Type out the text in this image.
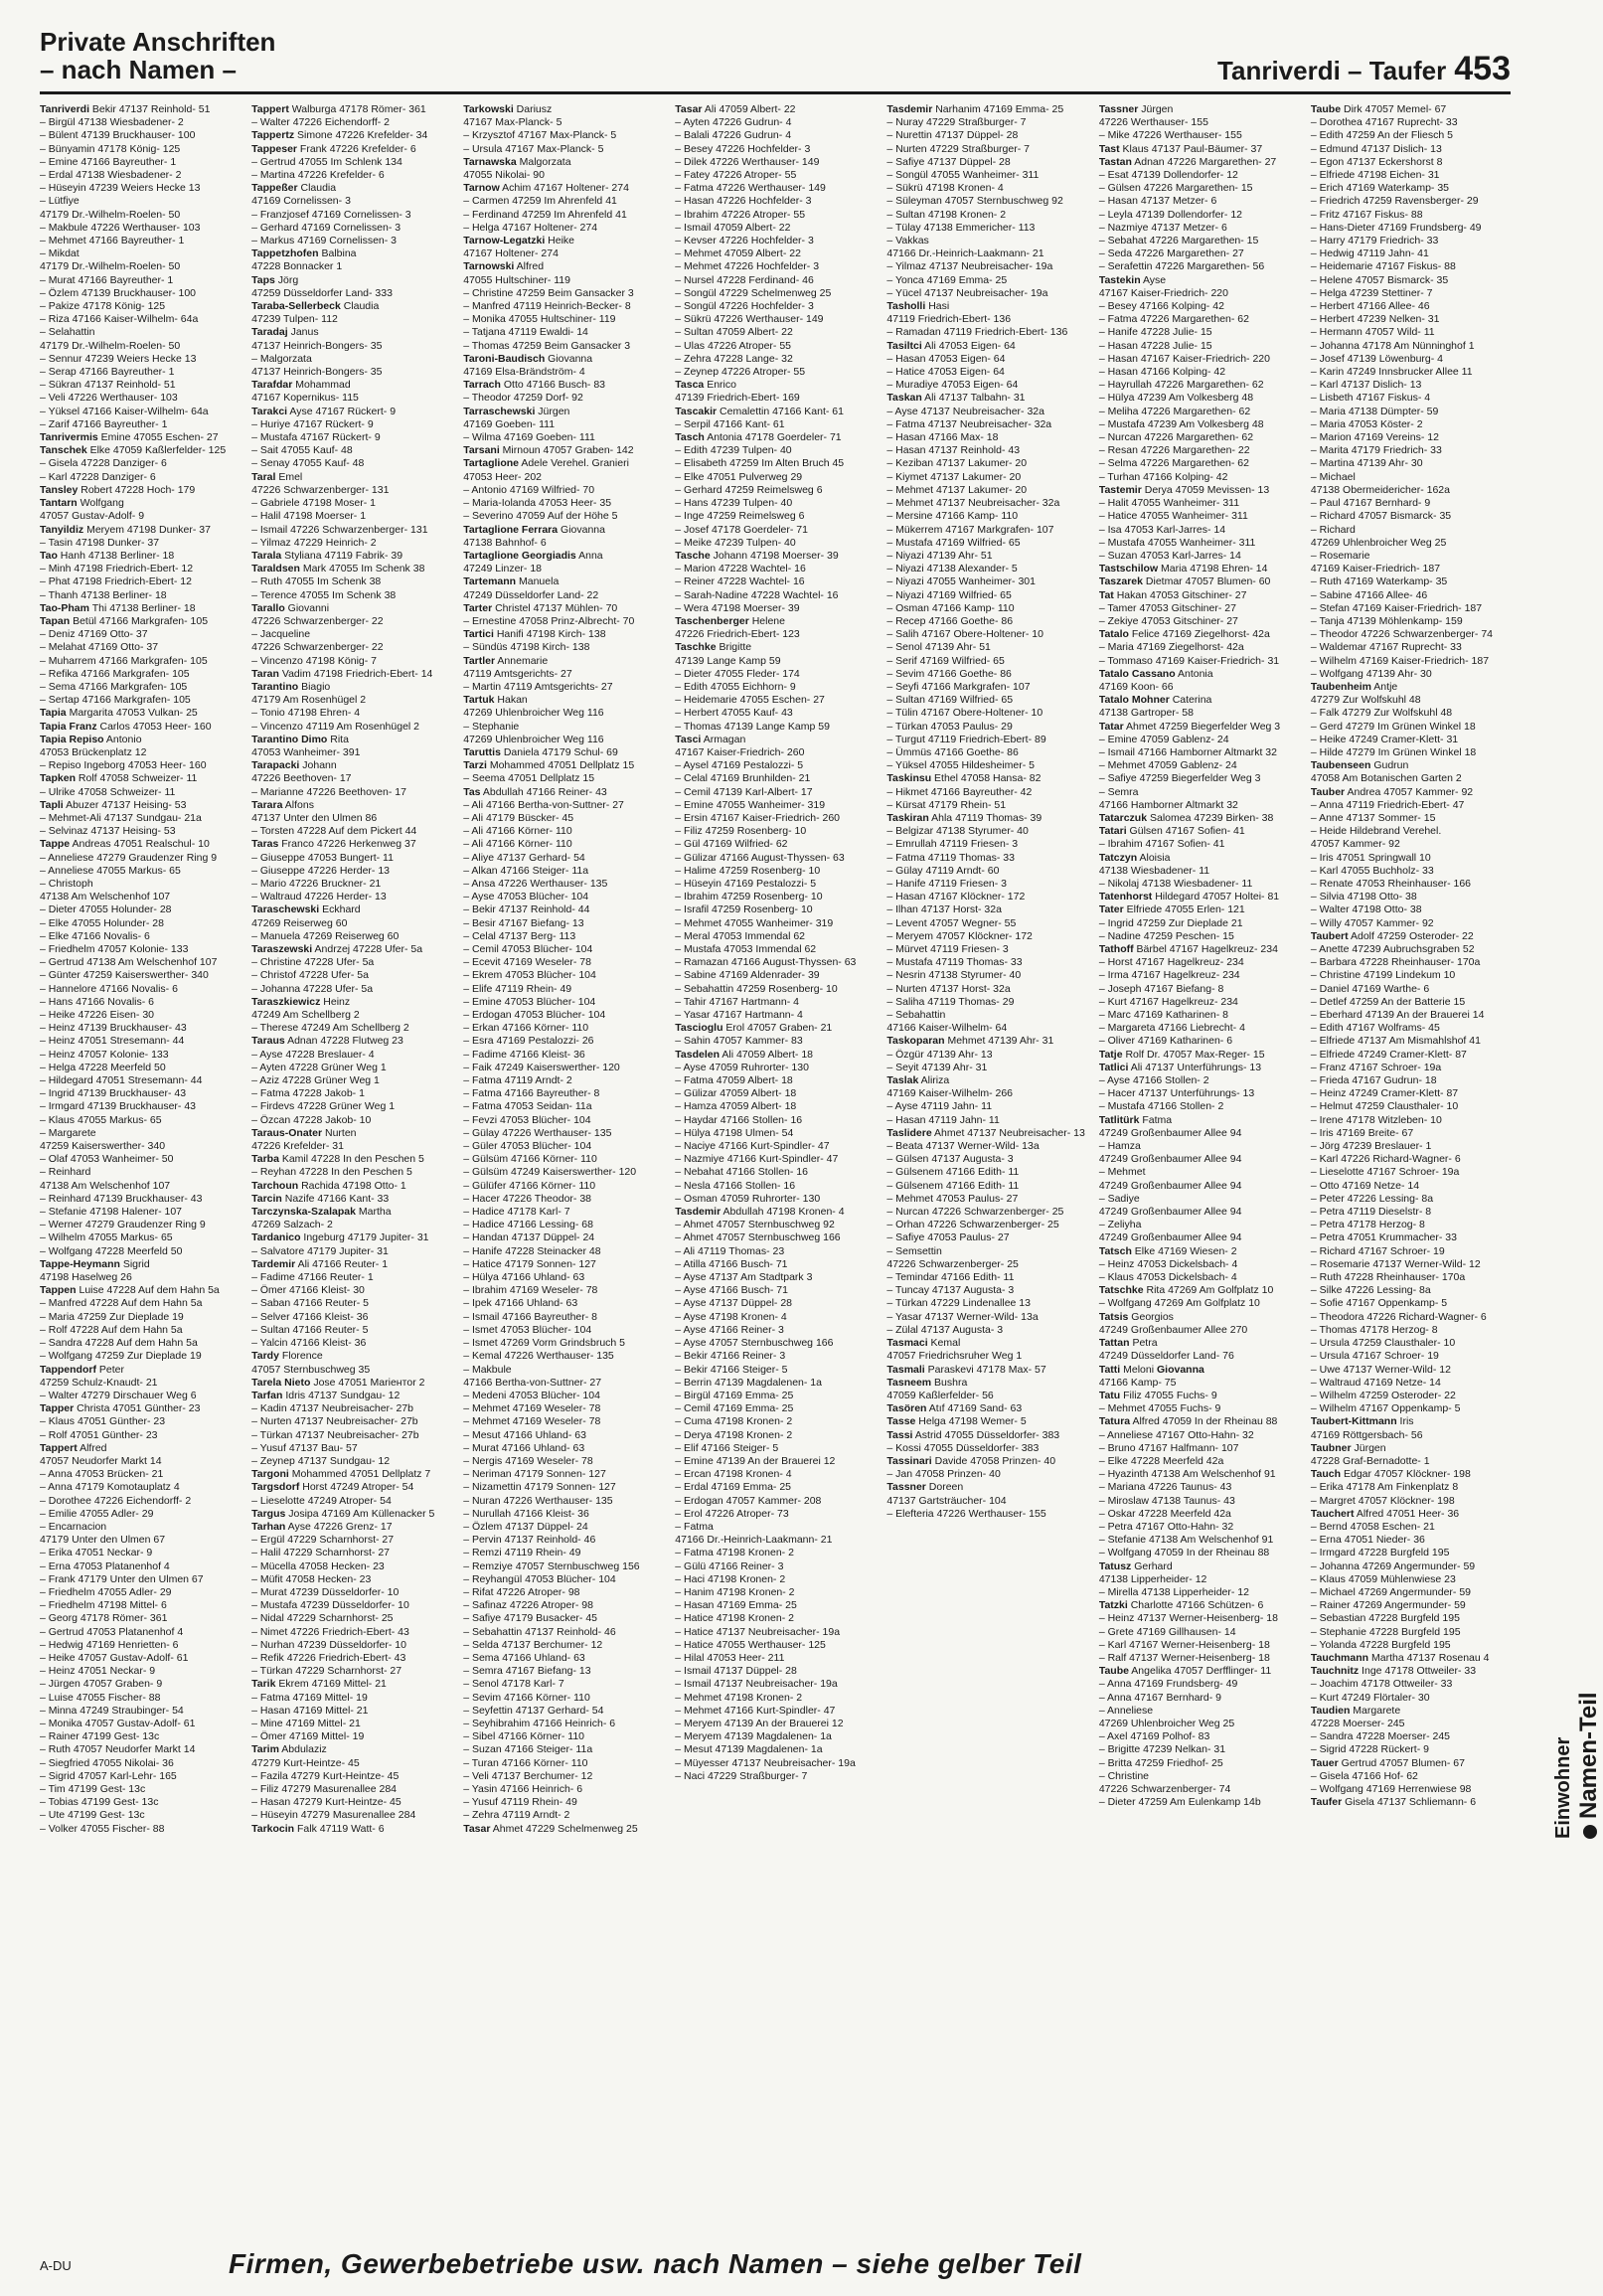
Private Anschriften
– nach Namen –	Tanriverdi – Taufer 453
Tanriverdi Bekir 47137 Reinhold- 51
– Birgül 47138 Wiesbadener- 2
– Bülent 47139 Bruckhauser- 100
– Bünyamin 47178 König- 125
– Emine 47166 Bayreuther- 1
– Erdal 47138 Wiesbadener- 2
– Hüseyin 47239 Weiers Hecke 13
– Lütfiye
47179 Dr.-Wilhelm-Roelen- 50
– Makbule 47226 Werthauser- 103
– Mehmet 47166 Bayreuther- 1
– Mikdat
47179 Dr.-Wilhelm-Roelen- 50
– Murat 47166 Bayreuther- 1
– Özlem 47139 Bruckhauser- 100
– Pakize 47178 König- 125
– Riza 47166 Kaiser-Wilhelm- 64a
– Selahattin
47179 Dr.-Wilhelm-Roelen- 50
– Sennur 47239 Weiers Hecke 13
– Serap 47166 Bayreuther- 1
– Sükran 47137 Reinhold- 51
– Veli 47226 Werthauser- 103
– Yüksel 47166 Kaiser-Wilhelm- 64a
– Zarif 47166 Bayreuther- 1
Tanrivermis Emine 47055 Eschen- 27
Tanschek Elke 47059 Kaßlerfelder- 125
– Gisela 47228 Danziger- 6
– Karl 47228 Danziger- 6
Tansley Robert 47228 Hoch- 179
Tantarn Wolfgang
47057 Gustav-Adolf- 9
Tanyildiz Meryem 47198 Dunker- 37
– Tasin 47198 Dunker- 37
Tao Hanh 47138 Berliner- 18
– Minh 47198 Friedrich-Ebert- 12
– Phat 47198 Friedrich-Ebert- 12
– Thanh 47138 Berliner- 18
Tao-Pham Thi 47138 Berliner- 18
Tapan Betül 47166 Markgrafen- 105
– Deniz 47169 Otto- 37
– Melahat 47169 Otto- 37
– Muharrem 47166 Markgrafen- 105
– Refika 47166 Markgrafen- 105
– Sema 47166 Markgrafen- 105
– Sertap 47166 Markgrafen- 105
Tapia Margarita 47053 Vulkan- 25
Tapia Franz Carlos 47053 Heer- 160
Tapia Repiso Antonio
47053 Brückenplatz 12
– Repiso Ingeborg 47053 Heer- 160
Tapken Rolf 47058 Schweizer- 11
– Ulrike 47058 Schweizer- 11
Tapli Abuzer 47137 Heising- 53
– Mehmet-Ali 47137 Sundgau- 21a
– Selvinaz 47137 Heising- 53
Tappe Andreas 47051 Realschul- 10
– Anneliese 47279 Graudenzer Ring 9
– Anneliese 47055 Markus- 65
– Christoph
47138 Am Welschenhof 107
– Dieter 47055 Holunder- 28
– Elke 47055 Holunder- 28
– Elke 47166 Novalis- 6
– Friedhelm 47057 Kolonie- 133
– Gertrud 47138 Am Welschenhof 107
– Günter 47259 Kaiserswerther- 340
– Hannelore 47166 Novalis- 6
– Hans 47166 Novalis- 6
– Heike 47226 Eisen- 30
– Heinz 47139 Bruckhauser- 43
– Heinz 47051 Stresemann- 44
– Heinz 47057 Kolonie- 133
– Helga 47228 Meerfeld 50
– Hildegard 47051 Stresemann- 44
– Ingrid 47139 Bruckhauser- 43
– Irmgard 47139 Bruckhauser- 43
– Klaus 47055 Markus- 65
– Margarete
47259 Kaiserswerther- 340
– Olaf 47053 Wanheimer- 50
– Reinhard
47138 Am Welschenhof 107
– Reinhard 47139 Bruckhauser- 43
– Stefanie 47198 Halener- 107
– Werner 47279 Graudenzer Ring 9
– Wilhelm 47055 Markus- 65
– Wolfgang 47228 Meerfeld 50
Tappe-Heymann Sigrid
47198 Haselweg 26
Tappen Luise 47228 Auf dem Hahn 5a
– Manfred 47228 Auf dem Hahn 5a
– Maria 47259 Zur Dieplade 19
– Rolf 47228 Auf dem Hahn 5a
– Sandra 47228 Auf dem Hahn 5a
– Wolfgang 47259 Zur Dieplade 19
Tappendorf Peter
47259 Schulz-Knaudt- 21
– Walter 47279 Dirschauer Weg 6
Tapper Christa 47051 Günther- 23
– Klaus 47051 Günther- 23
– Rolf 47051 Günther- 23
Tappert Alfred
47057 Neudorfer Markt 14
– Anna 47053 Brücken- 21
– Anna 47179 Komotauplatz 4
– Dorothee 47226 Eichendorff- 2
– Emilie 47055 Adler- 29
– Encarnacion
47179 Unter den Ulmen 67
– Erika 47051 Neckar- 9
– Erna 47053 Platanenhof 4
– Frank 47179 Unter den Ulmen 67
– Friedhelm 47055 Adler- 29
– Friedhelm 47198 Mittel- 6
– Georg 47178 Römer- 361
– Gertrud 47053 Platanenhof 4
– Hedwig 47169 Henrietten- 6
– Heike 47057 Gustav-Adolf- 61
– Heinz 47051 Neckar- 9
– Jürgen 47057 Graben- 9
– Luise 47055 Fischer- 88
– Minna 47249 Straubinger- 54
– Monika 47057 Gustav-Adolf- 61
– Rainer 47199 Gest- 13c
– Ruth 47057 Neudorfer Markt 14
– Siegfried 47055 Nikolai- 36
– Sigrid 47057 Karl-Lehr- 165
– Tim 47199 Gest- 13c
– Tobias 47199 Gest- 13c
– Ute 47199 Gest- 13c
– Volker 47055 Fischer- 88
Tappert Walburga 47178 Römer- 361
– Walter 47226 Eichendorff- 2
Tappertz Simone 47226 Krefelder- 34
Tappeser Frank 47226 Krefelder- 6
– Gertrud 47055 Im Schlenk 134
– Martina 47226 Krefelder- 6
Tappeßer Claudia
47169 Cornelissen- 3
– Franzjosef 47169 Cornelissen- 3
– Gerhard 47169 Cornelissen- 3
– Markus 47169 Cornelissen- 3
Tappetzhofen Balbina
47228 Bonnacker 1
Taps Jörg
47259 Düsseldorfer Land- 333
Taraba-Sellerbeck Claudia
47239 Tulpen- 112
Taradaj Janus
47137 Heinrich-Bongers- 35
– Malgorzata
47137 Heinrich-Bongers- 35
Tarafdar Mohammad
47167 Kopernikus- 115
Tarakci Ayse 47167 Rückert- 9
– Huriye 47167 Rückert- 9
– Mustafa 47167 Rückert- 9
– Sait 47055 Kauf- 48
– Senay 47055 Kauf- 48
Taral Emel
47226 Schwarzenberger- 131
– Gabriele 47198 Moser- 1
– Halil 47198 Moerser- 1
– Ismail 47226 Schwarzenberger- 131
– Yilmaz 47229 Heinrich- 2
Tarala Styliana 47119 Fabrik- 39
Taraldsen Mark 47055 Im Schenk 38
– Ruth 47055 Im Schenk 38
– Terence 47055 Im Schenk 38
Tarallo Giovanni
47226 Schwarzenberger- 22
– Jacqueline
47226 Schwarzenberger- 22
– Vincenzo 47198 König- 7
Taran Vadim 47198 Friedrich-Ebert- 14
Tarantino Biagio
47179 Am Rosenhügel 2
– Tonio 47198 Ehren- 4
– Vincenzo 47119 Am Rosenhügel 2
Tarantino Dimo Rita
47053 Wanheimer- 391
Tarapacki Johann
47226 Beethoven- 17
– Marianne 47226 Beethoven- 17
Tarara Alfons
47137 Unter den Ulmen 86
– Torsten 47228 Auf dem Pickert 44
Taras Franco 47226 Herkenweg 37
– Giuseppe 47053 Bungert- 11
– Giuseppe 47226 Herder- 13
– Mario 47226 Bruckner- 21
– Waltraud 47226 Herder- 13
Taraschewski Eckhard
47269 Reiserweg 60
– Manuela 47269 Reiserweg 60
Taraszewski Andrzej 47228 Ufer- 5a
– Christine 47228 Ufer- 5a
– Christof 47228 Ufer- 5a
– Johanna 47228 Ufer- 5a
Taraszkiewicz Heinz
47249 Am Schellberg 2
– Therese 47249 Am Schellberg 2
Taraus Adnan 47228 Flutweg 23
– Ayse 47228 Breslauer- 4
– Ayten 47228 Grüner Weg 1
– Aziz 47228 Grüner Weg 1
– Fatma 47228 Jakob- 1
– Firdevs 47228 Grüner Weg 1
– Özcan 47228 Jakob- 10
Taraus-Onater Nurten
47226 Krefelder- 31
Tarba Kamil 47228 In den Peschen 5
– Reyhan 47228 In den Peschen 5
Tarchoun Rachida 47198 Otto- 1
Tarcin Nazife 47166 Kant- 33
Tarczynska-Szalapak Martha
47269 Salzach- 2
Tardanico Ingeburg 47179 Jupiter- 31
– Salvatore 47179 Jupiter- 31
Tardemir Ali 47166 Reuter- 1
– Fadime 47166 Reuter- 1
– Ömer 47166 Kleist- 30
– Saban 47166 Reuter- 5
– Selver 47166 Kleist- 36
– Sultan 47166 Reuter- 5
– Yalcin 47166 Kleist- 36
Tardy Florence
47057 Sternbuschweg 35
Tarela Nieto Jose 47051 Mariентor 2
Tarfan Idris 47137 Sundgau- 12
– Kadin 47137 Neubreisacher- 27b
– Nurten 47137 Neubreisacher- 27b
– Türkan 47137 Neubreisacher- 27b
– Yusuf 47137 Bau- 57
– Zeynep 47137 Sundgau- 12
Targoni Mohammed 47051 Dellplatz 7
Targsdorf Horst 47249 Atroper- 54
– Lieselotte 47249 Atroper- 54
Targus Josipa 47169 Am Küllenacker 5
Tarhan Ayse 47226 Grenz- 17
– Ergül 47229 Scharnhorst- 27
– Halil 47229 Scharnhorst- 27
– Mücella 47058 Hecken- 23
– Müfit 47058 Hecken- 23
– Murat 47239 Düsseldorfer- 10
– Mustafa 47239 Düsseldorfer- 10
– Nidal 47229 Scharnhorst- 25
– Nimet 47226 Friedrich-Ebert- 43
– Nurhan 47239 Düsseldorfer- 10
– Refik 47226 Friedrich-Ebert- 43
– Türkan 47229 Scharnhorst- 27
Tarik Ekrem 47169 Mittel- 21
– Fatma 47169 Mittel- 19
– Hasan 47169 Mittel- 21
– Mine 47169 Mittel- 21
– Ömer 47169 Mittel- 19
Tarim Abdulaziz
47279 Kurt-Heintze- 45
– Fazila 47279 Kurt-Heintze- 45
– Filiz 47279 Masurenallee 284
– Hasan 47279 Kurt-Heintze- 45
– Hüseyin 47279 Masurenallee 284
Tarkocin Falk 47119 Watt- 6
Tarkowski Dariusz
47167 Max-Planck- 5
– Krzysztof 47167 Max-Planck- 5
– Ursula 47167 Max-Planck- 5
Tarnawska Malgorzata
47055 Nikolai- 90
Tarnow Achim 47167 Holtener- 274
– Carmen 47259 Im Ahrenfeld 41
– Ferdinand 47259 Im Ahrenfeld 41
– Helga 47167 Holtener- 274
Tarnow-Legatzki Heike
47167 Holtener- 274
Tarnowski Alfred
47055 Hultschiner- 119
– Christine 47259 Beim Gansacker 3
– Manfred 47119 Heinrich-Becker- 8
– Monika 47055 Hultschiner- 119
– Tatjana 47119 Ewaldi- 14
– Thomas 47259 Beim Gansacker 3
Taroni-Baudisch Giovanna
47169 Elsa-Brändström- 4
Tarrach Otto 47166 Busch- 83
– Theodor 47259 Dorf- 92
Tarraschewski Jürgen
47169 Goeben- 111
– Wilma 47169 Goeben- 111
Tarsani Mirnoun 47057 Graben- 142
Tartaglione Adele Verehel. Granieri
47053 Heer- 202
– Antonio 47169 Wilfried- 70
– Maria-Iolanda 47053 Heer- 35
– Severino 47059 Auf der Höhe 5
Tartaglione Ferrara Giovanna
47138 Bahnhof- 6
Tartaglione Georgiadis Anna
47249 Linzer- 18
Tartemann Manuela
47249 Düsseldorfer Land- 22
Tarter Christel 47137 Mühlen- 70
– Ernestine 47058 Prinz-Albrecht- 70
Tartici Hanifi 47198 Kirch- 138
– Sündüs 47198 Kirch- 138
Tartler Annemarie
47119 Amtsgerichts- 27
– Martin 47119 Amtsgerichts- 27
Tartuk Hakan
47269 Uhlenbroicher Weg 116
– Stephanie
47269 Uhlenbroicher Weg 116
Taruttis Daniela 47179 Schul- 69
Tarzi Mohammed 47051 Dellplatz 15
– Seema 47051 Dellplatz 15
Tas Abdullah 47166 Reiner- 43
– Ali 47166 Bertha-von-Suttner- 27
– Ali 47179 Büscker- 45
– Ali 47166 Körner- 110
– Ali 47166 Körner- 110
– Aliye 47137 Gerhard- 54
– Alkan 47166 Steiger- 11a
– Ansa 47226 Werthauser- 135
– Ayse 47053 Blücher- 104
– Bekir 47137 Reinhold- 44
– Besir 47167 Biefang- 13
– Celal 47137 Berg- 113
– Cemil 47053 Blücher- 104
– Ecevit 47169 Weseler- 78
– Ekrem 47053 Blücher- 104
– Elife 47119 Rhein- 49
– Emine 47053 Blücher- 104
– Erdogan 47053 Blücher- 104
– Erkan 47166 Körner- 110
– Esra 47169 Pestalozzi- 26
– Fadime 47166 Kleist- 36
– Faik 47249 Kaiserswerther- 120
– Fatma 47119 Arndt- 2
– Fatma 47166 Bayreuther- 8
– Fatma 47053 Seidan- 11a
– Fevzi 47053 Blücher- 104
– Gülay 47226 Werthauser- 135
– Güler 47053 Blücher- 104
– Gülsüm 47166 Körner- 110
– Gülsüm 47249 Kaiserswerther- 120
– Gülüfer 47166 Körner- 110
– Hacer 47226 Theodor- 38
– Hadice 47178 Karl- 7
– Hadice 47166 Lessing- 68
– Handan 47137 Düppel- 24
– Hanife 47228 Steinacker 48
– Hatice 47179 Sonnen- 127
– Hülya 47166 Uhland- 63
– Ibrahim 47169 Weseler- 78
– Ipek 47166 Uhland- 63
– Ismail 47166 Bayreuther- 8
– Ismet 47053 Blücher- 104
– Ismet 47269 Vorm Grindsbruch 5
– Kemal 47226 Werthauser- 135
– Makbule
47166 Bertha-von-Suttner- 27
– Medeni 47053 Blücher- 104
– Mehmet 47169 Weseler- 78
– Mehmet 47169 Weseler- 78
– Mesut 47166 Uhland- 63
– Murat 47166 Uhland- 63
– Nergis 47169 Weseler- 78
– Neriman 47179 Sonnen- 127
– Nizamettin 47179 Sonnen- 127
– Nuran 47226 Werthauser- 135
– Nurullah 47166 Kleist- 36
– Özlem 47137 Düppel- 24
– Pervin 47137 Reinhold- 46
– Remzi 47119 Rhein- 49
– Remziye 47057 Sternbuschweg 156
– Reyhangül 47053 Blücher- 104
– Rifat 47226 Atroper- 98
– Safinaz 47226 Atroper- 98
– Safiye 47179 Busacker- 45
– Sebahattin 47137 Reinhold- 46
– Selda 47137 Berchumer- 12
– Sema 47166 Uhland- 63
– Semra 47167 Biefang- 13
– Senol 47178 Karl- 7
– Sevim 47166 Körner- 110
– Seyfettin 47137 Gerhard- 54
– Seyhibrahim 47166 Heinrich- 6
– Sibel 47166 Körner- 110
– Suzan 47166 Steiger- 11a
– Turan 47166 Körner- 110
– Veli 47137 Berchumer- 12
– Yasin 47166 Heinrich- 6
– Yusuf 47119 Rhein- 49
– Zehra 47119 Arndt- 2
Tasar Ahmet 47229 Schelmenweg 25
Tasar Ali 47059 Albert- 22
– Ayten 47226 Gudrun- 4
– Balali 47226 Gudrun- 4
– Besey 47226 Hochfelder- 3
– Dilek 47226 Werthauser- 149
– Fatey 47226 Atroper- 55
– Fatma 47226 Werthauser- 149
– Hasan 47226 Hochfelder- 3
– Ibrahim 47226 Atroper- 55
– Ismail 47059 Albert- 22
– Kevser 47226 Hochfelder- 3
– Mehmet 47059 Albert- 22
– Mehmet 47226 Hochfelder- 3
– Nursel 47228 Ferdinand- 46
– Songül 47229 Schelmenweg 25
– Songül 47226 Hochfelder- 3
– Sükrü 47226 Werthauser- 149
– Sultan 47059 Albert- 22
– Ulas 47226 Atroper- 55
– Zehra 47228 Lange- 32
– Zeynep 47226 Atroper- 55
Tasca Enrico
47139 Friedrich-Ebert- 169
Tascakir Cemalettin 47166 Kant- 61
– Serpil 47166 Kant- 61
Tasch Antonia 47178 Goerdeler- 71
– Edith 47239 Tulpen- 40
– Elisabeth 47259 Im Alten Bruch 45
– Elke 47051 Pulverweg 29
– Gerhard 47259 Reimelsweg 6
– Hans 47239 Tulpen- 40
– Inge 47259 Reimelsweg 6
– Josef 47178 Goerdeler- 71
– Meike 47239 Tulpen- 40
Tasche Johann 47198 Moerser- 39
– Marion 47228 Wachtel- 16
– Reiner 47228 Wachtel- 16
– Sarah-Nadine 47228 Wachtel- 16
– Wera 47198 Moerser- 39
Taschenberger Helene
47226 Friedrich-Ebert- 123
Taschke Brigitte
47139 Lange Kamp 59
– Dieter 47055 Fleder- 174
– Edith 47055 Eichhorn- 9
– Heidemarie 47055 Eschen- 27
– Herbert 47055 Kauf- 43
– Thomas 47139 Lange Kamp 59
Tasci Armagan
47167 Kaiser-Friedrich- 260
– Aysel 47169 Pestalozzi- 5
– Celal 47169 Brunhilden- 21
– Cemil 47139 Karl-Albert- 17
– Emine 47055 Wanheimer- 319
– Ersin 47167 Kaiser-Friedrich- 260
– Filiz 47259 Rosenberg- 10
– Gül 47169 Wilfried- 62
– Gülizar 47166 August-Thyssen- 63
– Halime 47259 Rosenberg- 10
– Hüseyin 47169 Pestalozzi- 5
– Ibrahim 47259 Rosenberg- 10
– Israfil 47259 Rosenberg- 10
– Mehmet 47055 Wanheimer- 319
– Meral 47053 Immendal 62
– Mustafa 47053 Immendal 62
– Ramazan 47166 August-Thyssen- 63
– Sabine 47169 Aldenrader- 39
– Sebahattin 47259 Rosenberg- 10
– Tahir 47167 Hartmann- 4
– Yasar 47167 Hartmann- 4
Tascioglu Erol 47057 Graben- 21
– Sahin 47057 Kammer- 83
Tasdelen Ali 47059 Albert- 18
– Ayse 47059 Ruhrorter- 130
– Fatma 47059 Albert- 18
– Gülizar 47059 Albert- 18
– Hamza 47059 Albert- 18
– Haydar 47166 Stollen- 16
– Hülya 47198 Ulmen- 54
– Naciye 47166 Kurt-Spindler- 47
– Nazmiye 47166 Kurt-Spindler- 47
– Nebahat 47166 Stollen- 16
– Nesla 47166 Stollen- 16
– Osman 47059 Ruhrorter- 130
Tasdemir Abdullah 47198 Kronen- 4
– Ahmet 47057 Sternbuschweg 92
– Ahmet 47057 Sternbuschweg 166
– Ali 47119 Thomas- 23
– Atilla 47166 Busch- 71
– Ayse 47137 Am Stadtpark 3
– Ayse 47166 Busch- 71
– Ayse 47137 Düppel- 28
– Ayse 47198 Kronen- 4
– Ayse 47166 Reiner- 3
– Ayse 47057 Sternbuschweg 166
– Bekir 47166 Reiner- 3
– Bekir 47166 Steiger- 5
– Berrin 47139 Magdalenen- 1a
– Birgül 47169 Emma- 25
– Cemil 47169 Emma- 25
– Cuma 47198 Kronen- 2
– Derya 47198 Kronen- 2
– Elif 47166 Steiger- 5
– Emine 47139 An der Brauerei 12
– Ercan 47198 Kronen- 4
– Erdal 47169 Emma- 25
– Erdogan 47057 Kammer- 208
– Erol 47226 Atroper- 73
– Fatma
47166 Dr.-Heinrich-Laakmann- 21
– Fatma 47198 Kronen- 2
– Gülü 47166 Reiner- 3
– Haci 47198 Kronen- 2
– Hanim 47198 Kronen- 2
– Hasan 47169 Emma- 25
– Hatice 47198 Kronen- 2
– Hatice 47137 Neubreisacher- 19a
– Hatice 47055 Werthauser- 125
– Hilal 47053 Heer- 211
– Ismail 47137 Düppel- 28
– Ismail 47137 Neubreisacher- 19a
– Mehmet 47198 Kronen- 2
– Mehmet 47166 Kurt-Spindler- 47
– Meryem 47139 An der Brauerei 12
– Meryem 47139 Magdalenen- 1a
– Mesut 47139 Magdalenen- 1a
– Müyesser 47137 Neubreisacher- 19a
– Naci 47229 Straßburger- 7
Tasdemir Narhanim 47169 Emma- 25
– Nuray 47229 Straßburger- 7
– Nurettin 47137 Düppel- 28
– Nurten 47229 Straßburger- 7
– Safiye 47137 Düppel- 28
– Songül 47055 Wanheimer- 311
– Sükrü 47198 Kronen- 4
– Süleyman 47057 Sternbuschweg 92
– Sultan 47198 Kronen- 2
– Tülay 47138 Emmericher- 113
– Vakkas
47166 Dr.-Heinrich-Laakmann- 21
– Yilmaz 47137 Neubreisacher- 19a
– Yonca 47169 Emma- 25
– Yücel 47137 Neubreisacher- 19a
Tasholli Hasi
47119 Friedrich-Ebert- 136
– Ramadan 47119 Friedrich-Ebert- 136
Tasiltci Ali 47053 Eigen- 64
– Hasan 47053 Eigen- 64
– Hatice 47053 Eigen- 64
– Muradiye 47053 Eigen- 64
Taskan Ali 47137 Talbahn- 31
– Ayse 47137 Neubreisacher- 32a
– Fatma 47137 Neubreisacher- 32a
– Hasan 47166 Max- 18
– Hasan 47137 Reinhold- 43
– Keziban 47137 Lakumer- 20
– Kiymet 47137 Lakumer- 20
– Mehmet 47137 Lakumer- 20
– Mehmet 47137 Neubreisacher- 32a
– Mersine 47166 Kamp- 110
– Mükerrem 47167 Markgrafen- 107
– Mustafa 47169 Wilfried- 65
– Niyazi 47139 Ahr- 51
– Niyazi 47138 Alexander- 5
– Niyazi 47055 Wanheimer- 301
– Niyazi 47169 Wilfried- 65
– Osman 47166 Kamp- 110
– Recep 47166 Goethe- 86
– Salih 47167 Obere-Holtener- 10
– Senol 47139 Ahr- 51
– Serif 47169 Wilfried- 65
– Sevim 47166 Goethe- 86
– Seyfi 47166 Markgrafen- 107
– Sultan 47169 Wilfried- 65
– Tülin 47167 Obere-Holtener- 10
– Türkan 47053 Paulus- 29
– Turgut 47119 Friedrich-Ebert- 89
– Ümmüs 47166 Goethe- 86
– Yüksel 47055 Hildesheimer- 5
Taskinsu Ethel 47058 Hansa- 82
– Hikmet 47166 Bayreuther- 42
– Kürsat 47179 Rhein- 51
Taskiran Ahla 47119 Thomas- 39
– Belgizar 47138 Styrumer- 40
– Emrullah 47119 Friesen- 3
– Fatma 47119 Thomas- 33
– Gülay 47119 Arndt- 60
– Hanife 47119 Friesen- 3
– Hasan 47167 Klöckner- 172
– Ilhan 47137 Horst- 32a
– Levent 47057 Wegner- 55
– Meryem 47057 Klöckner- 172
– Mürvet 47119 Friesen- 3
– Mustafa 47119 Thomas- 33
– Nesrin 47138 Styrumer- 40
– Nurten 47137 Horst- 32a
– Saliha 47119 Thomas- 29
– Sebahattin
47166 Kaiser-Wilhelm- 64
Taskoparan Mehmet 47139 Ahr- 31
– Özgür 47139 Ahr- 13
– Seyit 47139 Ahr- 31
Taslak Aliriza
47169 Kaiser-Wilhelm- 266
– Ayse 47119 Jahn- 11
– Hasan 47119 Jahn- 11
Taslidere Ahmet 47137 Neubreisacher- 13
– Beata 47137 Werner-Wild- 13a
– Gülsen 47137 Augusta- 3
– Gülsenem 47166 Edith- 11
– Gülsenem 47166 Edith- 11
– Mehmet 47053 Paulus- 27
– Nurcan 47226 Schwarzenberger- 25
– Orhan 47226 Schwarzenberger- 25
– Safiye 47053 Paulus- 27
– Semsettin
47226 Schwarzenberger- 25
– Temindar 47166 Edith- 11
– Tuncay 47137 Augusta- 3
– Türkan 47229 Lindenallee 13
– Yasar 47137 Werner-Wild- 13a
– Zülal 47137 Augusta- 3
Tasmaci Kemal
47057 Friedrichsruher Weg 1
Tasmali Paraskevi 47178 Max- 57
Tasneem Bushra
47059 Kaßlerfelder- 56
Tasören Atıf 47169 Sand- 63
Tasse Helga 47198 Wemer- 5
Tassi Astrid 47055 Düsseldorfer- 383
– Kossi 47055 Düsseldorfer- 383
Tassinari Davide 47058 Prinzen- 40
– Jan 47058 Prinzen- 40
Tassner Doreen
47137 Gartsträucher- 104
– Elefteria 47226 Werthauser- 155
Tassner Jürgen
47226 Werthauser- 155
– Mike 47226 Werthauser- 155
Tast Klaus 47137 Paul-Bäumer- 37
Tastan Adnan 47226 Margarethen- 27
– Esat 47139 Dollendorfer- 12
– Gülsen 47226 Margarethen- 15
– Hasan 47137 Metzer- 6
– Leyla 47139 Dollendorfer- 12
– Nazmiye 47137 Metzer- 6
– Sebahat 47226 Margarethen- 15
– Seda 47226 Margarethen- 27
– Serafettin 47226 Margarethen- 56
Tastekin Ayse
47167 Kaiser-Friedrich- 220
– Besey 47166 Kolping- 42
– Fatma 47226 Margarethen- 62
– Hanife 47228 Julie- 15
– Hasan 47228 Julie- 15
– Hasan 47167 Kaiser-Friedrich- 220
– Hasan 47166 Kolping- 42
– Hayrullah 47226 Margarethen- 62
– Hülya 47239 Am Volkesberg 48
– Meliha 47226 Margarethen- 62
– Mustafa 47239 Am Volkesberg 48
– Nurcan 47226 Margarethen- 62
– Resan 47226 Margarethen- 22
– Selma 47226 Margarethen- 62
– Turhan 47166 Kolping- 42
Tastemir Derya 47059 Mevissen- 13
– Halit 47055 Wanheimer- 311
– Hatice 47055 Wanheimer- 311
– Isa 47053 Karl-Jarres- 14
– Mustafa 47055 Wanheimer- 311
– Suzan 47053 Karl-Jarres- 14
Tastschilow Maria 47198 Ehren- 14
Taszarek Dietmar 47057 Blumen- 60
Tat Hakan 47053 Gitschiner- 27
– Tamer 47053 Gitschiner- 27
– Zekiye 47053 Gitschiner- 27
Tatalo Felice 47169 Ziegelhorst- 42a
– Maria 47169 Ziegelhorst- 42a
– Tommaso 47169 Kaiser-Friedrich- 31
Tatalo Cassano Antonia
47169 Koon- 66
Tatalo Mohner Caterina
47138 Gartroper- 58
Tatar Ahmet 47259 Biegerfelder Weg 3
– Emine 47059 Gablenz- 24
– Ismail 47166 Hamborner Altmarkt 32
– Mehmet 47059 Gablenz- 24
– Safiye 47259 Biegerfelder Weg 3
– Semra
47166 Hamborner Altmarkt 32
Tatarczuk Salomea 47239 Birken- 38
Tatari Gülsen 47167 Sofien- 41
– Ibrahim 47167 Sofien- 41
Tatczyn Aloisia
47138 Wiesbadener- 11
– Nikolaj 47138 Wiesbadener- 11
Tatenhorst Hildegard 47057 Holtei- 81
Tater Elfriede 47055 Erlen- 121
– Ingrid 47259 Zur Dieplade 21
– Nadine 47259 Peschen- 15
Tathoff Bärbel 47167 Hagelkreuz- 234
– Horst 47167 Hagelkreuz- 234
– Irma 47167 Hagelkreuz- 234
– Joseph 47167 Biefang- 8
– Kurt 47167 Hagelkreuz- 234
– Marc 47169 Katharinen- 8
– Margareta 47166 Liebrecht- 4
– Oliver 47169 Katharinen- 6
Tatje Rolf Dr. 47057 Max-Reger- 15
Tatlici Ali 47137 Unterführungs- 13
– Ayse 47166 Stollen- 2
– Hacer 47137 Unterführungs- 13
– Mustafa 47166 Stollen- 2
Tatlitürk Fatma
47249 Großenbaumer Allee 94
– Hamza
47249 Großenbaumer Allee 94
– Mehmet
47249 Großenbaumer Allee 94
– Sadiye
47249 Großenbaumer Allee 94
– Zeliyha
47249 Großenbaumer Allee 94
Tatsch Elke 47169 Wiesen- 2
– Heinz 47053 Dickelsbach- 4
– Klaus 47053 Dickelsbach- 4
Tatschke Rita 47269 Am Golfplatz 10
– Wolfgang 47269 Am Golfplatz 10
Tatsis Georgios
47249 Großenbaumer Allee 270
Tattan Petra
47249 Düsseldorfer Land- 76
Tatti Meloni Giovanna
47166 Kamp- 75
Tatu Filiz 47055 Fuchs- 9
– Mehmet 47055 Fuchs- 9
Tatura Alfred 47059 In der Rheinau 88
– Anneliese 47167 Otto-Hahn- 32
– Bruno 47167 Halfmann- 107
– Elke 47228 Meerfeld 42a
– Hyazinth 47138 Am Welschenhof 91
– Mariana 47226 Taunus- 43
– Miroslaw 47138 Taunus- 43
– Oskar 47228 Meerfeld 42a
– Petra 47167 Otto-Hahn- 32
– Stefanie 47138 Am Welschenhof 91
– Wolfgang 47059 In der Rheinau 88
Tatusz Gerhard
47138 Lipperheider- 12
– Mirella 47138 Lipperheider- 12
Tatzki Charlotte 47166 Schützen- 6
– Heinz 47137 Werner-Heisenberg- 18
– Grete 47169 Gillhausen- 14
– Karl 47167 Werner-Heisenberg- 18
– Ralf 47137 Werner-Heisenberg- 18
Taube Angelika 47057 Derfflinger- 11
– Anna 47169 Frundsberg- 49
– Anna 47167 Bernhard- 9
– Anneliese
47269 Uhlenbroicher Weg 25
– Axel 47169 Polhof- 83
– Brigitte 47239 Nelkan- 31
– Britta 47259 Friedhof- 25
– Christine
47226 Schwarzenberger- 74
– Dieter 47259 Am Eulenkamp 14b
Taube Dirk 47057 Memel- 67
– Dorothea 47167 Ruprecht- 33
– Edith 47259 An der Fliesch 5
– Edmund 47137 Dislich- 13
– Egon 47137 Eckershorst 8
– Elfriede 47198 Eichen- 31
– Erich 47169 Waterkamp- 35
– Friedrich 47259 Ravensberger- 29
– Fritz 47167 Fiskus- 88
– Hans-Dieter 47169 Frundsberg- 49
– Harry 47179 Friedrich- 33
– Hedwig 47119 Jahn- 41
– Heidemarie 47167 Fiskus- 88
– Helene 47057 Bismarck- 35
– Helga 47239 Stettiner- 7
– Herbert 47166 Allee- 46
– Herbert 47239 Nelken- 31
– Hermann 47057 Wild- 11
– Johanna 47178 Am Nünninghof 1
– Josef 47139 Löwenburg- 4
– Karin 47249 Innsbrucker Allee 11
– Karl 47137 Dislich- 13
– Lisbeth 47167 Fiskus- 4
– Maria 47138 Dümpter- 59
– Maria 47053 Köster- 2
– Marion 47169 Vereins- 12
– Marita 47179 Friedrich- 33
– Martina 47139 Ahr- 30
– Michael
47138 Obermeidericher- 162a
– Paul 47167 Bernhard- 9
– Richard 47057 Bismarck- 35
– Richard
47269 Uhlenbroicher Weg 25
– Rosemarie
47169 Kaiser-Friedrich- 187
– Ruth 47169 Waterkamp- 35
– Sabine 47166 Allee- 46
– Stefan 47169 Kaiser-Friedrich- 187
– Tanja 47139 Möhlenkamp- 159
– Theodor 47226 Schwarzenberger- 74
– Waldemar 47167 Ruprecht- 33
– Wilhelm 47169 Kaiser-Friedrich- 187
– Wolfgang 47139 Ahr- 30
Taubenheim Antje
47279 Zur Wolfskuhl 48
– Falk 47279 Zur Wolfskuhl 48
– Gerd 47279 Im Grünen Winkel 18
– Heike 47249 Cramer-Klett- 31
– Hilde 47279 Im Grünen Winkel 18
Taubenseen Gudrun
47058 Am Botanischen Garten 2
Tauber Andrea 47057 Kammer- 92
– Anna 47119 Friedrich-Ebert- 47
– Anne 47137 Sommer- 15
– Heide Hildebrand Verehel.
47057 Kammer- 92
– Iris 47051 Springwall 10
– Karl 47055 Buchholz- 33
– Renate 47053 Rheinhauser- 166
– Silvia 47198 Otto- 38
– Walter 47198 Otto- 38
– Willy 47057 Kammer- 92
Taubert Adolf 47259 Osteroder- 22
– Anette 47239 Aubruchsgraben 52
– Barbara 47228 Rheinhauser- 170a
– Christine 47199 Lindekum 10
– Daniel 47169 Warthe- 6
– Detlef 47259 An der Batterie 15
– Eberhard 47139 An der Brauerei 14
– Edith 47167 Wolframs- 45
– Elfriede 47137 Am Mismahlshof 41
– Elfriede 47249 Cramer-Klett- 87
– Franz 47167 Schroer- 19a
– Frieda 47167 Gudrun- 18
– Heinz 47249 Cramer-Klett- 87
– Helmut 47259 Clausthaler- 10
– Irene 47178 Witzleben- 10
– Iris 47169 Breite- 67
– Jörg 47239 Breslauer- 1
– Karl 47226 Richard-Wagner- 6
– Lieselotte 47167 Schroer- 19a
– Otto 47169 Netze- 14
– Peter 47226 Lessing- 8a
– Petra 47119 Dieselstr- 8
– Petra 47178 Herzog- 8
– Petra 47051 Krummacher- 33
– Richard 47167 Schroer- 19
– Rosemarie 47137 Werner-Wild- 12
– Ruth 47228 Rheinhauser- 170a
– Silke 47226 Lessing- 8a
– Sofie 47167 Oppenkamp- 5
– Theodora 47226 Richard-Wagner- 6
– Thomas 47178 Herzog- 8
– Ursula 47259 Clausthaler- 10
– Ursula 47167 Schroer- 19
– Uwe 47137 Werner-Wild- 12
– Waltraud 47169 Netze- 14
– Wilhelm 47259 Osteroder- 22
– Wilhelm 47167 Oppenkamp- 5
Taubert-Kittmann Iris
47169 Röttgersbach- 56
Taubner Jürgen
47228 Graf-Bernadotte- 1
Tauch Edgar 47057 Klöckner- 198
– Erika 47178 Am Finkenplatz 8
– Margret 47057 Klöckner- 198
Tauchert Alfred 47051 Heer- 36
– Bernd 47058 Eschen- 21
– Erna 47051 Nieder- 36
– Irmgard 47228 Burgfeld 195
– Johanna 47269 Angermunder- 59
– Klaus 47059 Mühlenwiese 23
– Michael 47269 Angermunder- 59
– Rainer 47269 Angermunder- 59
– Sebastian 47228 Burgfeld 195
– Stephanie 47228 Burgfeld 195
– Yolanda 47228 Burgfeld 195
Tauchmann Martha 47137 Rosenau 4
Tauchnitz Inge 47178 Ottweiler- 33
– Joachim 47178 Ottweiler- 33
– Kurt 47249 Flörtaler- 30
Taudien Margarete
47228 Moerser- 245
– Sandra 47228 Moerser- 245
– Sigrid 47228 Rückert- 9
Tauer Gertrud 47057 Blumen- 67
– Gisela 47166 Hof- 62
– Wolfgang 47169 Herrenwiese 98
Taufer Gisela 47137 Schliemann- 6	Einwohner Namen-Teil
A-DU	Firmen, Gewerbebetriebe usw. nach Namen – siehe gelber Teil
